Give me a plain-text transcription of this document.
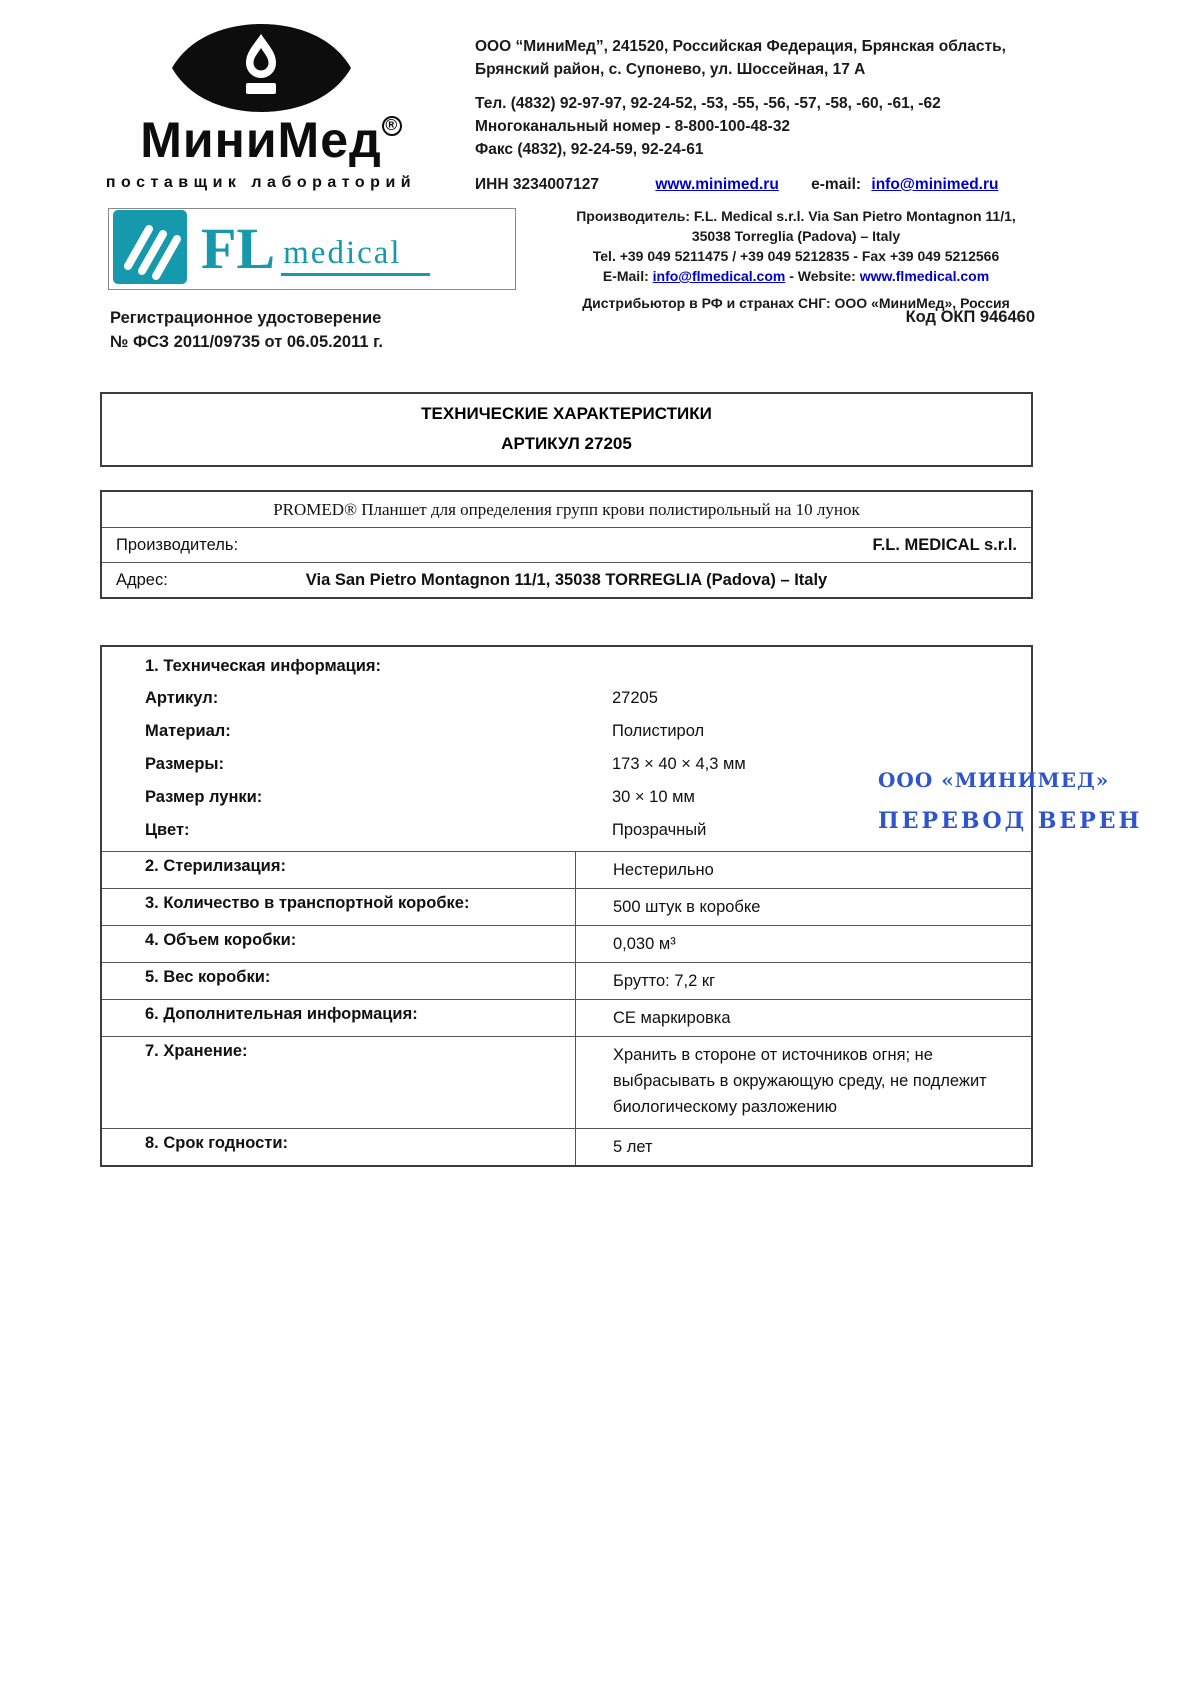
МиниМед ®
поставщик лабораторий
ООО “МиниМед”, 241520, Российская Федерация, Брянская область,
Брянский район, с. Супонево, ул. Шоссейная, 17 А
Тел. (4832) 92-97-97, 92-24-52, -53, -55, -56, -57, -58, -60, -61, -62
Многоканальный номер - 8-800-100-48-32
Факс (4832), 92-24-59, 92-24-61
ИНН 3234007127	www.minimed.ru e-mail: info@minimed.ru
FL medical
Производитель: F.L. Medical s.r.l. Via San Pietro Montagnon 11/1,
35038 Torreglia (Padova) – Italy
Tel. +39 049 5211475 / +39 049 5212835 - Fax +39 049 5212566
E-Mail: info@flmedical.com - Website: www.flmedical.com
Дистрибьютор в РФ и странах СНГ: ООО «МиниМед», Россия
Регистрационное удостоверение
№ ФСЗ 2011/09735 от 06.05.2011 г.
Код ОКП 946460
ТЕХНИЧЕСКИЕ ХАРАКТЕРИСТИКИ
АРТИКУЛ 27205
PROMED® Планшет для определения групп крови полистирольный на 10 лунок
Производитель:	F.L. MEDICAL s.r.l.
Адрес:	Via San Pietro Montagnon 11/1, 35038 TORREGLIA (Padova) – Italy
1. Техническая информация:
Артикул:	27205
Материал:	Полистирол
Размеры:	173 × 40 × 4,3 мм
Размер лунки:	30 × 10 мм
Цвет:	Прозрачный
2. Стерилизация:	Нестерильно
3. Количество в транспортной коробке:	500 штук в коробке
4. Объем коробки:	0,030 м³
5. Вес коробки:	Брутто: 7,2 кг
6. Дополнительная информация:	СЕ маркировка
7. Хранение:	Хранить в стороне от источников огня; не выбрасывать в окружающую среду, не подлежит биологическому разложению
8. Срок годности:	5 лет
ООО «МИНИМЕД»
ПЕРЕВОД ВЕРЕН
